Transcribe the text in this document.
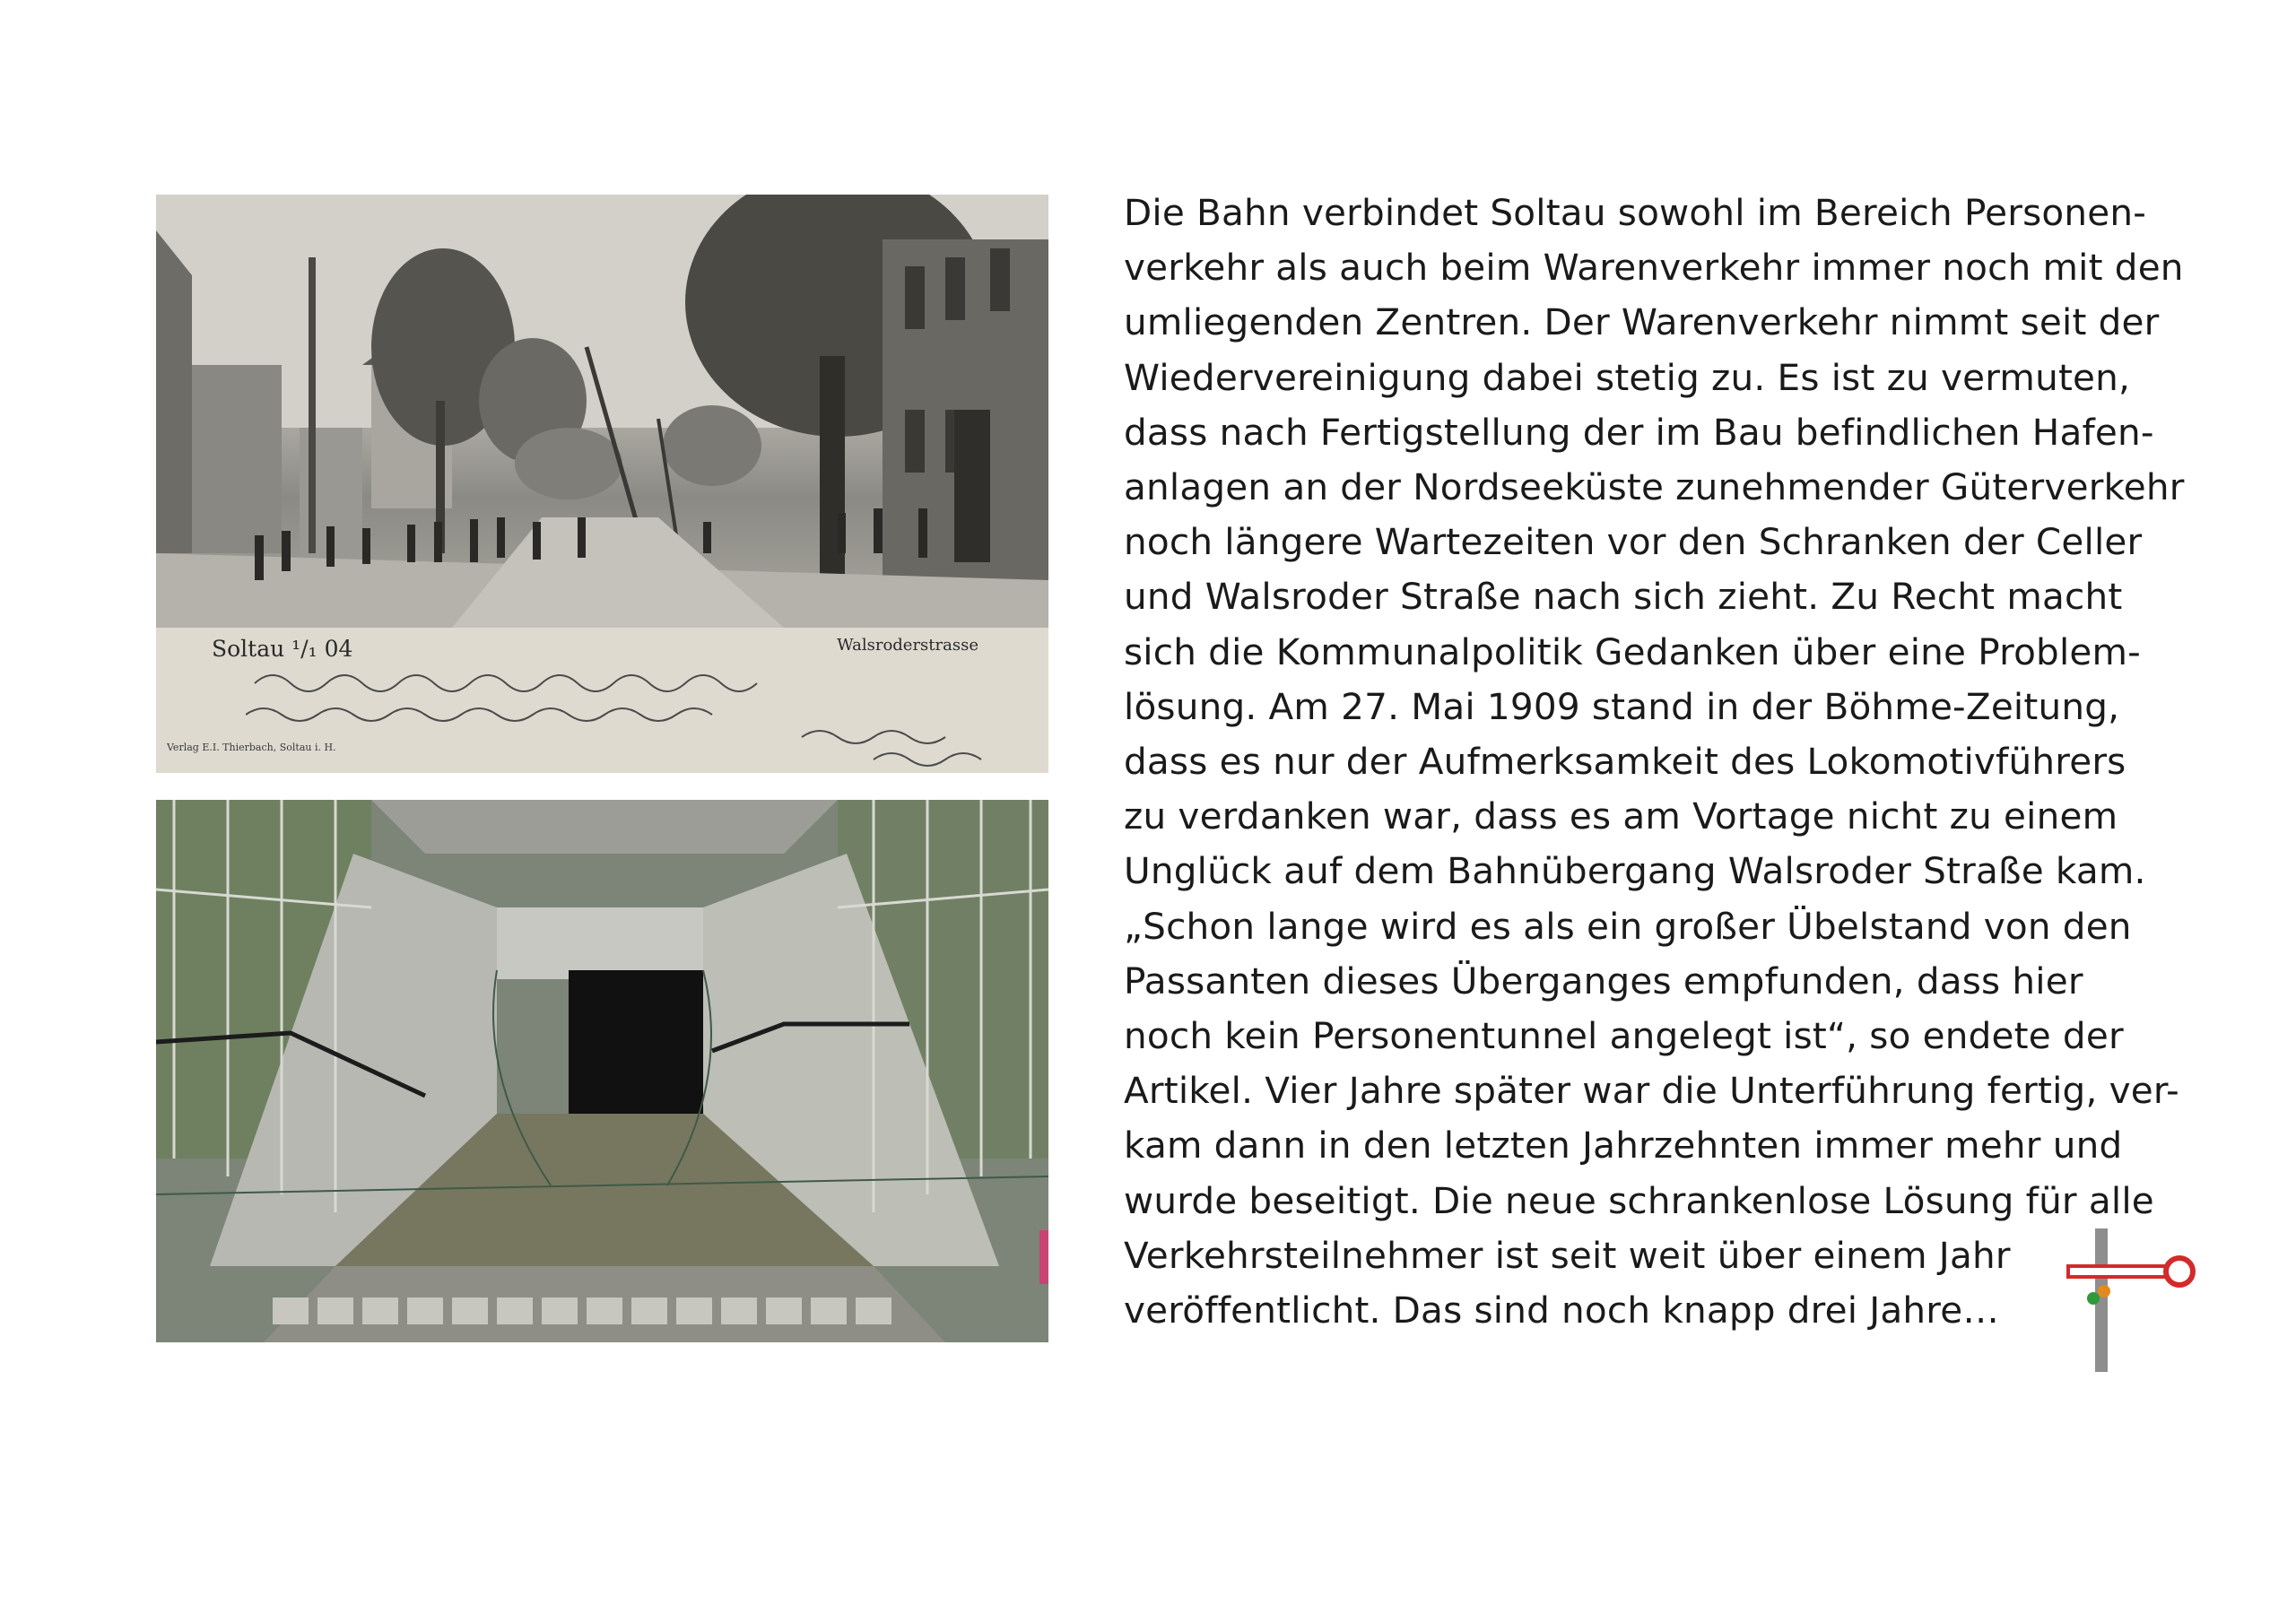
Soltau ¹/₁ 04	Walsroderstrasse
Verlag E.I. Thierbach, Soltau i. H.
Die Bahn verbindet Soltau sowohl im Bereich Personen-
verkehr als auch beim Warenverkehr immer noch mit den
umliegenden Zentren. Der Warenverkehr nimmt seit der
Wiedervereinigung dabei stetig zu. Es ist zu vermuten,
dass nach Fertigstellung der im Bau befindlichen Hafen-
anlagen an der Nordseeküste zunehmender Güterverkehr
noch längere Wartezeiten vor den Schranken der Celler
und Walsroder Straße nach sich zieht. Zu Recht macht
sich die Kommunalpolitik Gedanken über eine Problem-
lösung. Am 27. Mai 1909 stand in der Böhme-Zeitung,
dass es nur der Aufmerksamkeit des Lokomotivführers
zu verdanken war, dass es am Vortage nicht zu einem
Unglück auf dem Bahnübergang Walsroder Straße kam.
„Schon lange wird es als ein großer Übelstand von den
Passanten dieses Überganges empfunden, dass hier
noch kein Personentunnel angelegt ist“, so endete der
Artikel. Vier Jahre später war die Unterführung fertig, ver-
kam dann in den letzten Jahrzehnten immer mehr und
wurde beseitigt. Die neue schrankenlose Lösung für alle
Verkehrsteilnehmer ist seit weit über einem Jahr
veröffentlicht. Das sind noch knapp drei Jahre…
